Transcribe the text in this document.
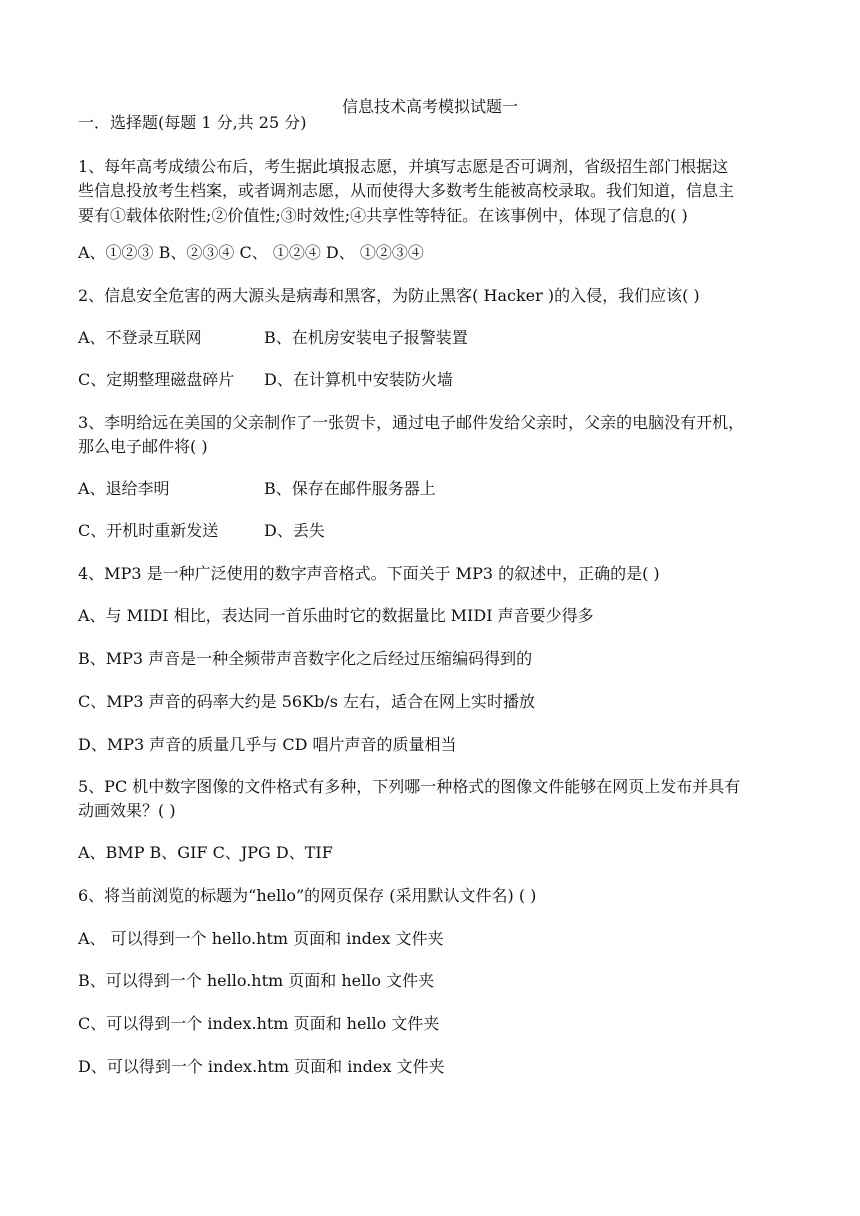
信息技术高考模拟试题一
一．选择题(每题 1 分,共 25 分)
1、每年高考成绩公布后，考生据此填报志愿，并填写志愿是否可调剂，省级招生部门根据这
些信息投放考生档案，或者调剂志愿，从而使得大多数考生能被高校录取。我们知道，信息主
要有①载体依附性;②价值性;③时效性;④共享性等特征。在该事例中，体现了信息的( )
A、①②③ B、②③④ C、 ①②④ D、 ①②③④
2、信息安全危害的两大源头是病毒和黑客，为防止黑客( Hacker )的入侵，我们应该( )
A、不登录互联网	B、在机房安装电子报警装置
C、定期整理磁盘碎片 D、在计算机中安装防火墙
3、李明给远在美国的父亲制作了一张贺卡，通过电子邮件发给父亲时，父亲的电脑没有开机，
那么电子邮件将( )
A、退给李明	B、保存在邮件服务器上
C、开机时重新发送	D、丢失
4、MP3 是一种广泛使用的数字声音格式。下面关于 MP3 的叙述中，正确的是( )
A、与 MIDI 相比，表达同一首乐曲时它的数据量比 MIDI 声音要少得多
B、MP3 声音是一种全频带声音数字化之后经过压缩编码得到的
C、MP3 声音的码率大约是 56Kb/s 左右，适合在网上实时播放
D、MP3 声音的质量几乎与 CD 唱片声音的质量相当
5、PC 机中数字图像的文件格式有多种，下列哪一种格式的图像文件能够在网页上发布并具有
动画效果？( )
A、BMP B、GIF C、JPG D、TIF
6、将当前浏览的标题为“hello”的网页保存 (采用默认文件名) ( )
A、 可以得到一个 hello.htm 页面和 index 文件夹
B、可以得到一个 hello.htm 页面和 hello 文件夹
C、可以得到一个 index.htm 页面和 hello 文件夹
D、可以得到一个 index.htm 页面和 index 文件夹
